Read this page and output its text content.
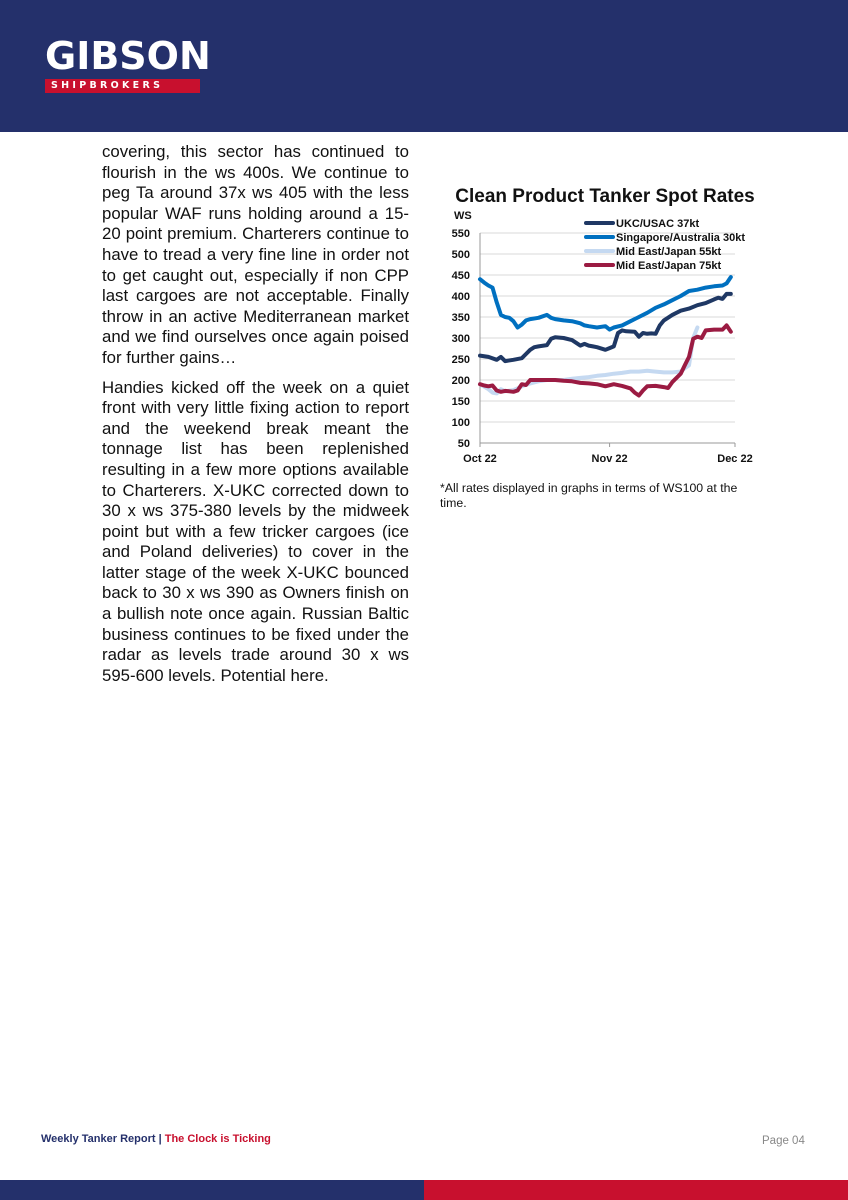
GIBSON
SHIPBROKERS

covering, this sector has continued to flourish in the ws 400s. We continue to peg Ta around 37x ws 405 with the less popular WAF runs holding around a 15-20 point premium. Charterers continue to have to tread a very fine line in order not to get caught out, especially if non CPP last cargoes are not acceptable. Finally throw in an active Mediterranean market and we find ourselves once again poised for further gains…

Handies kicked off the week on a quiet front with very little fixing action to report and the weekend break meant the tonnage list has been replenished resulting in a few more options available to Charterers. X-UKC corrected down to 30 x ws 375-380 levels by the midweek point but with a few tricker cargoes (ice and Poland deliveries) to cover in the latter stage of the week X-UKC bounced back to 30 x ws 390 as Owners finish on a bullish note once again. Russian Baltic business continues to be fixed under the radar as levels trade around 30 x ws 595-600 levels. Potential here.

Clean Product Tanker Spot Rates
50
100
150
200
250
300
350
400
450
500
550
WS
Oct 22	Nov 22	Dec 22
UKC/USAC 37kt
Singapore/Australia 30kt
Mid East/Japan 55kt
Mid East/Japan 75kt
*All rates displayed in graphs in terms of WS100 at the time.
Weekly Tanker Report | The Clock is Ticking	Page 04
